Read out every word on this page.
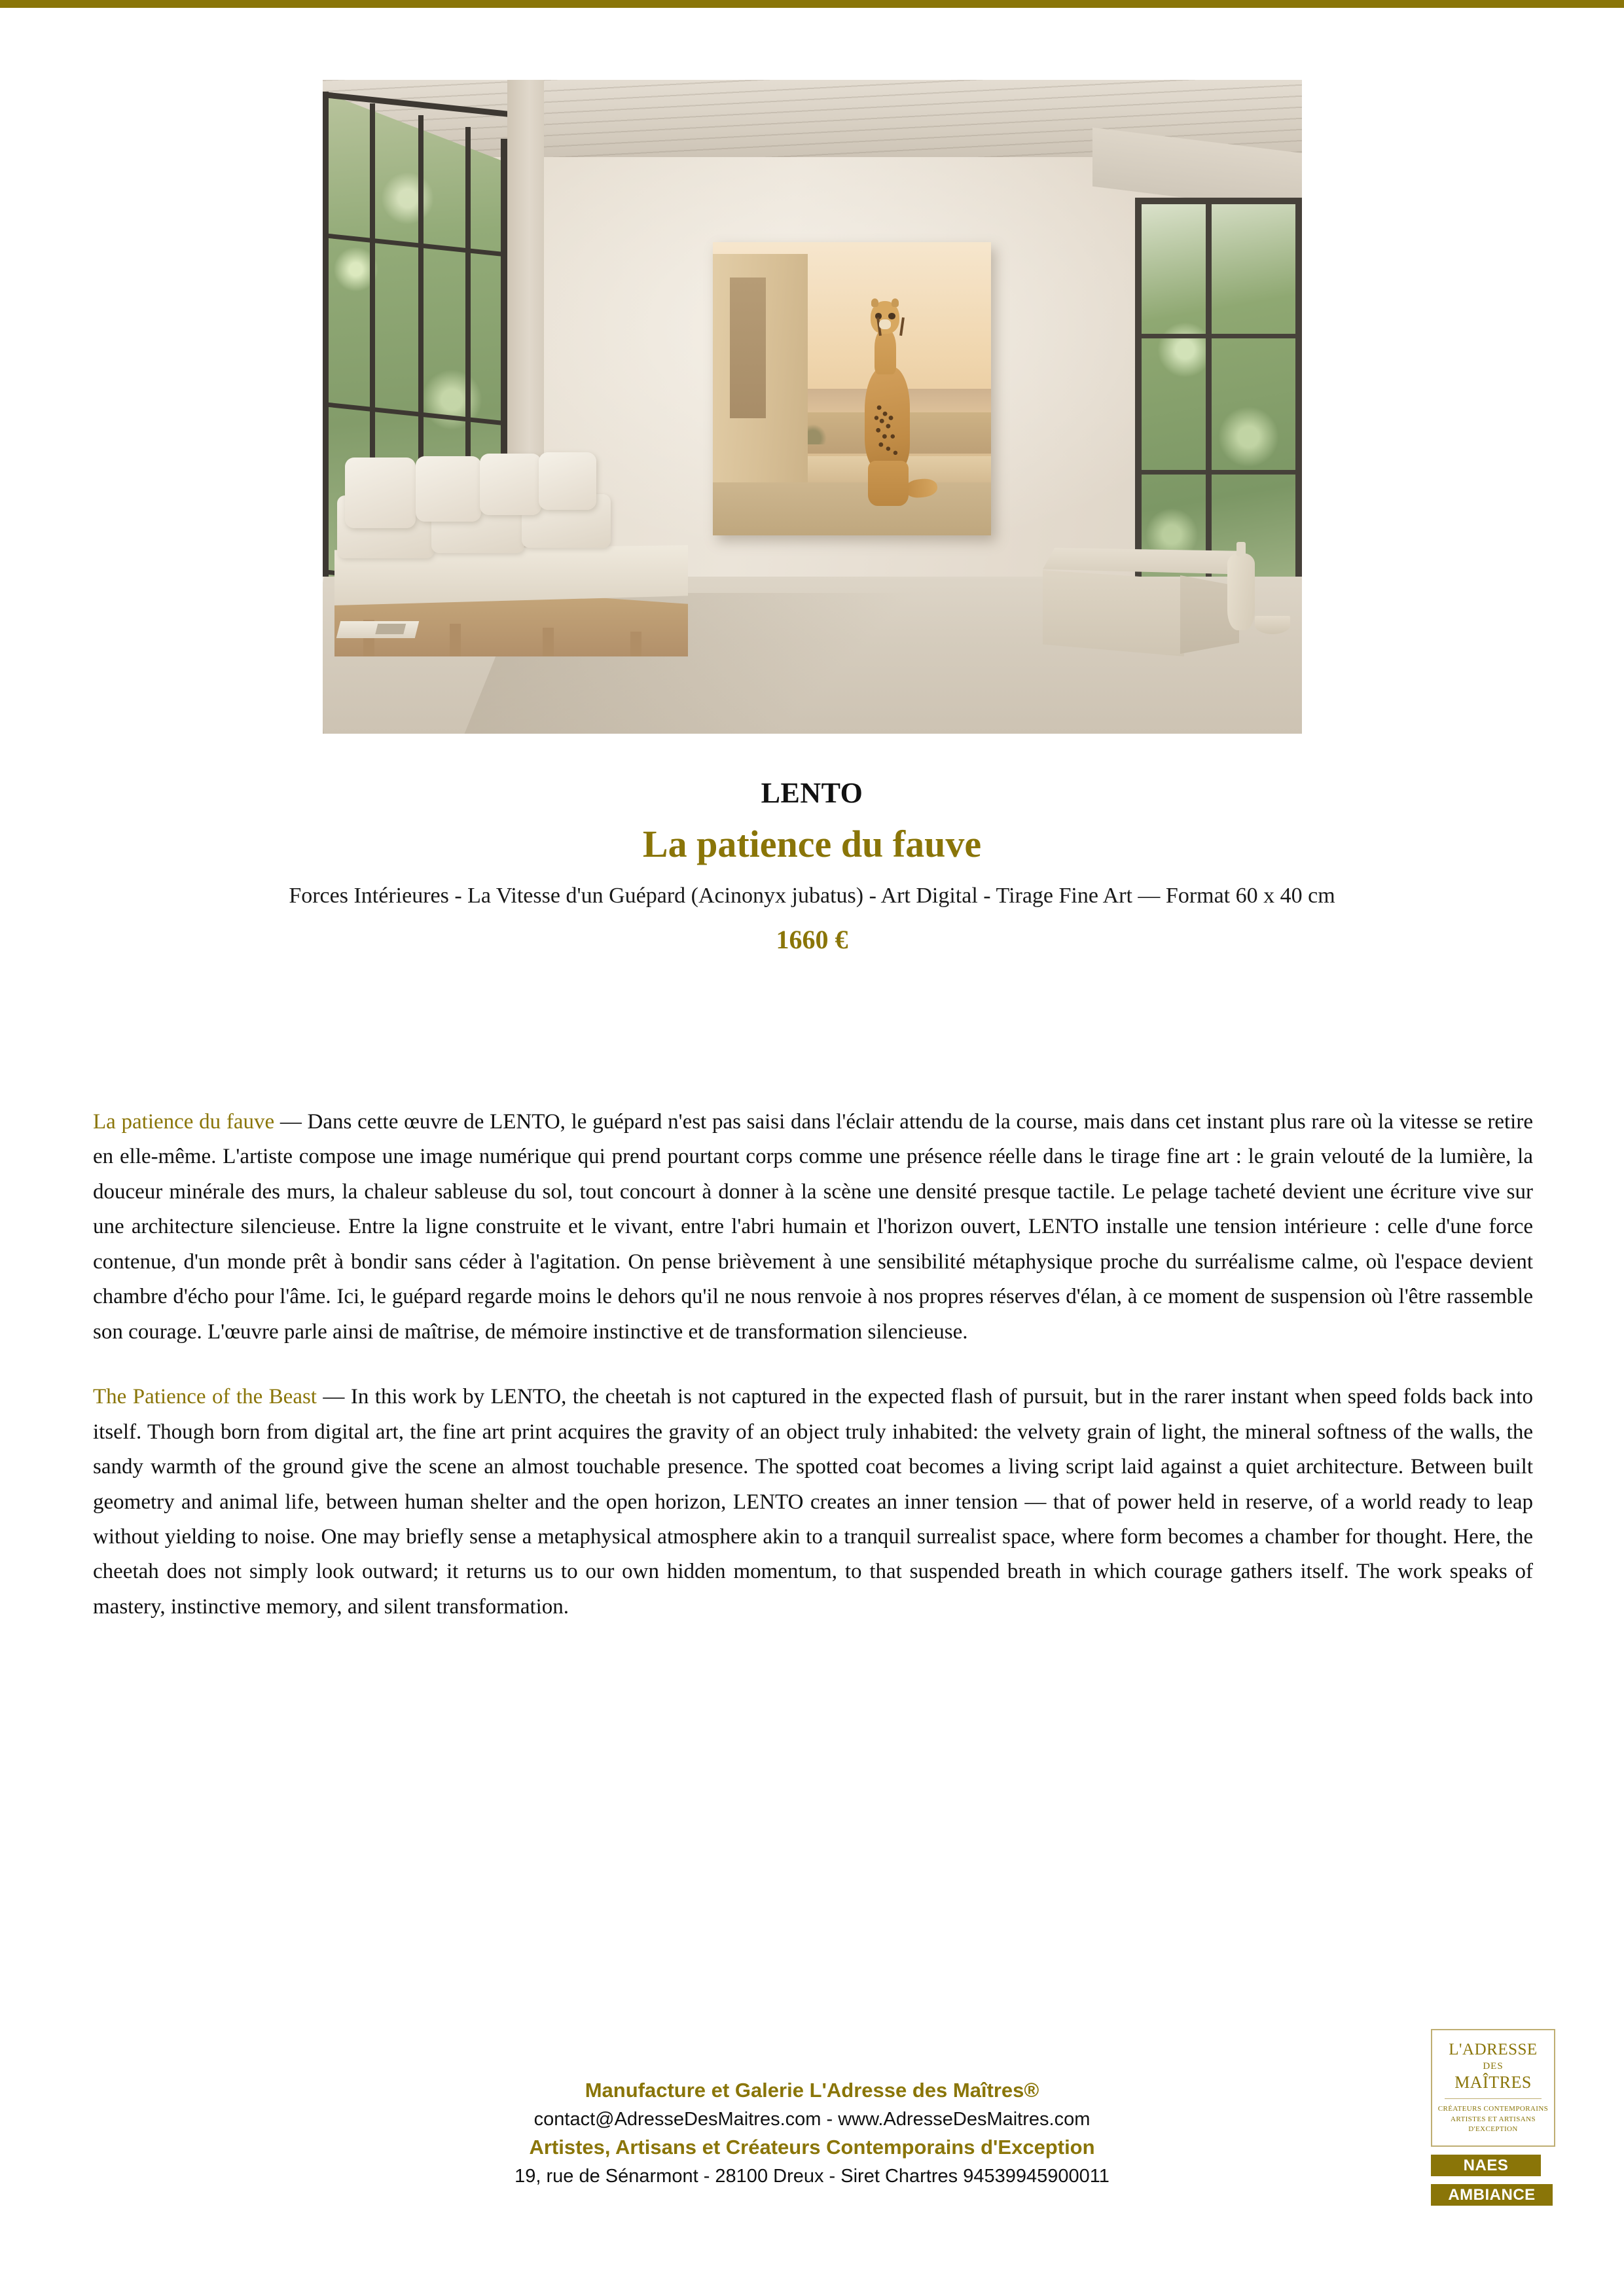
LENTO
La patience du fauve
Forces Intérieures - La Vitesse d'un Guépard (Acinonyx jubatus) - Art Digital - Tirage Fine Art — Format 60 x 40 cm
1660 €

La patience du fauve — Dans cette œuvre de LENTO, le guépard n'est pas saisi dans l'éclair attendu de la course, mais dans cet instant plus rare où la vitesse se retire en elle-même. L'artiste compose une image numérique qui prend pourtant corps comme une présence réelle dans le tirage fine art : le grain velouté de la lumière, la douceur minérale des murs, la chaleur sableuse du sol, tout concourt à donner à la scène une densité presque tactile. Le pelage tacheté devient une écriture vive sur une architecture silencieuse. Entre la ligne construite et le vivant, entre l'abri humain et l'horizon ouvert, LENTO installe une tension intérieure : celle d'une force contenue, d'un monde prêt à bondir sans céder à l'agitation. On pense brièvement à une sensibilité métaphysique proche du surréalisme calme, où l'espace devient chambre d'écho pour l'âme. Ici, le guépard regarde moins le dehors qu'il ne nous renvoie à nos propres réserves d'élan, à ce moment de suspension où l'être rassemble son courage. L'œuvre parle ainsi de maîtrise, de mémoire instinctive et de transformation silencieuse.

The Patience of the Beast — In this work by LENTO, the cheetah is not captured in the expected flash of pursuit, but in the rarer instant when speed folds back into itself. Though born from digital art, the fine art print acquires the gravity of an object truly inhabited: the velvety grain of light, the mineral softness of the walls, the sandy warmth of the ground give the scene an almost touchable presence. The spotted coat becomes a living script laid against a quiet architecture. Between built geometry and animal life, between human shelter and the open horizon, LENTO creates an inner tension — that of power held in reserve, of a world ready to leap without yielding to noise. One may briefly sense a metaphysical atmosphere akin to a tranquil surrealist space, where form becomes a chamber for thought. Here, the cheetah does not simply look outward; it returns us to our own hidden momentum, to that suspended breath in which courage gathers itself. The work speaks of mastery, instinctive memory, and silent transformation.

Manufacture et Galerie L'Adresse des Maîtres®
contact@AdresseDesMaitres.com - www.AdresseDesMaitres.com
Artistes, Artisans et Créateurs Contemporains d'Exception
19, rue de Sénarmont - 28100 Dreux - Siret Chartres 94539945900011
L'ADRESSE
DES
MAÎTRES
CRÉATEURS CONTEMPORAINS
ARTISTES ET ARTISANS
D'EXCEPTION
NAES
AMBIANCE
